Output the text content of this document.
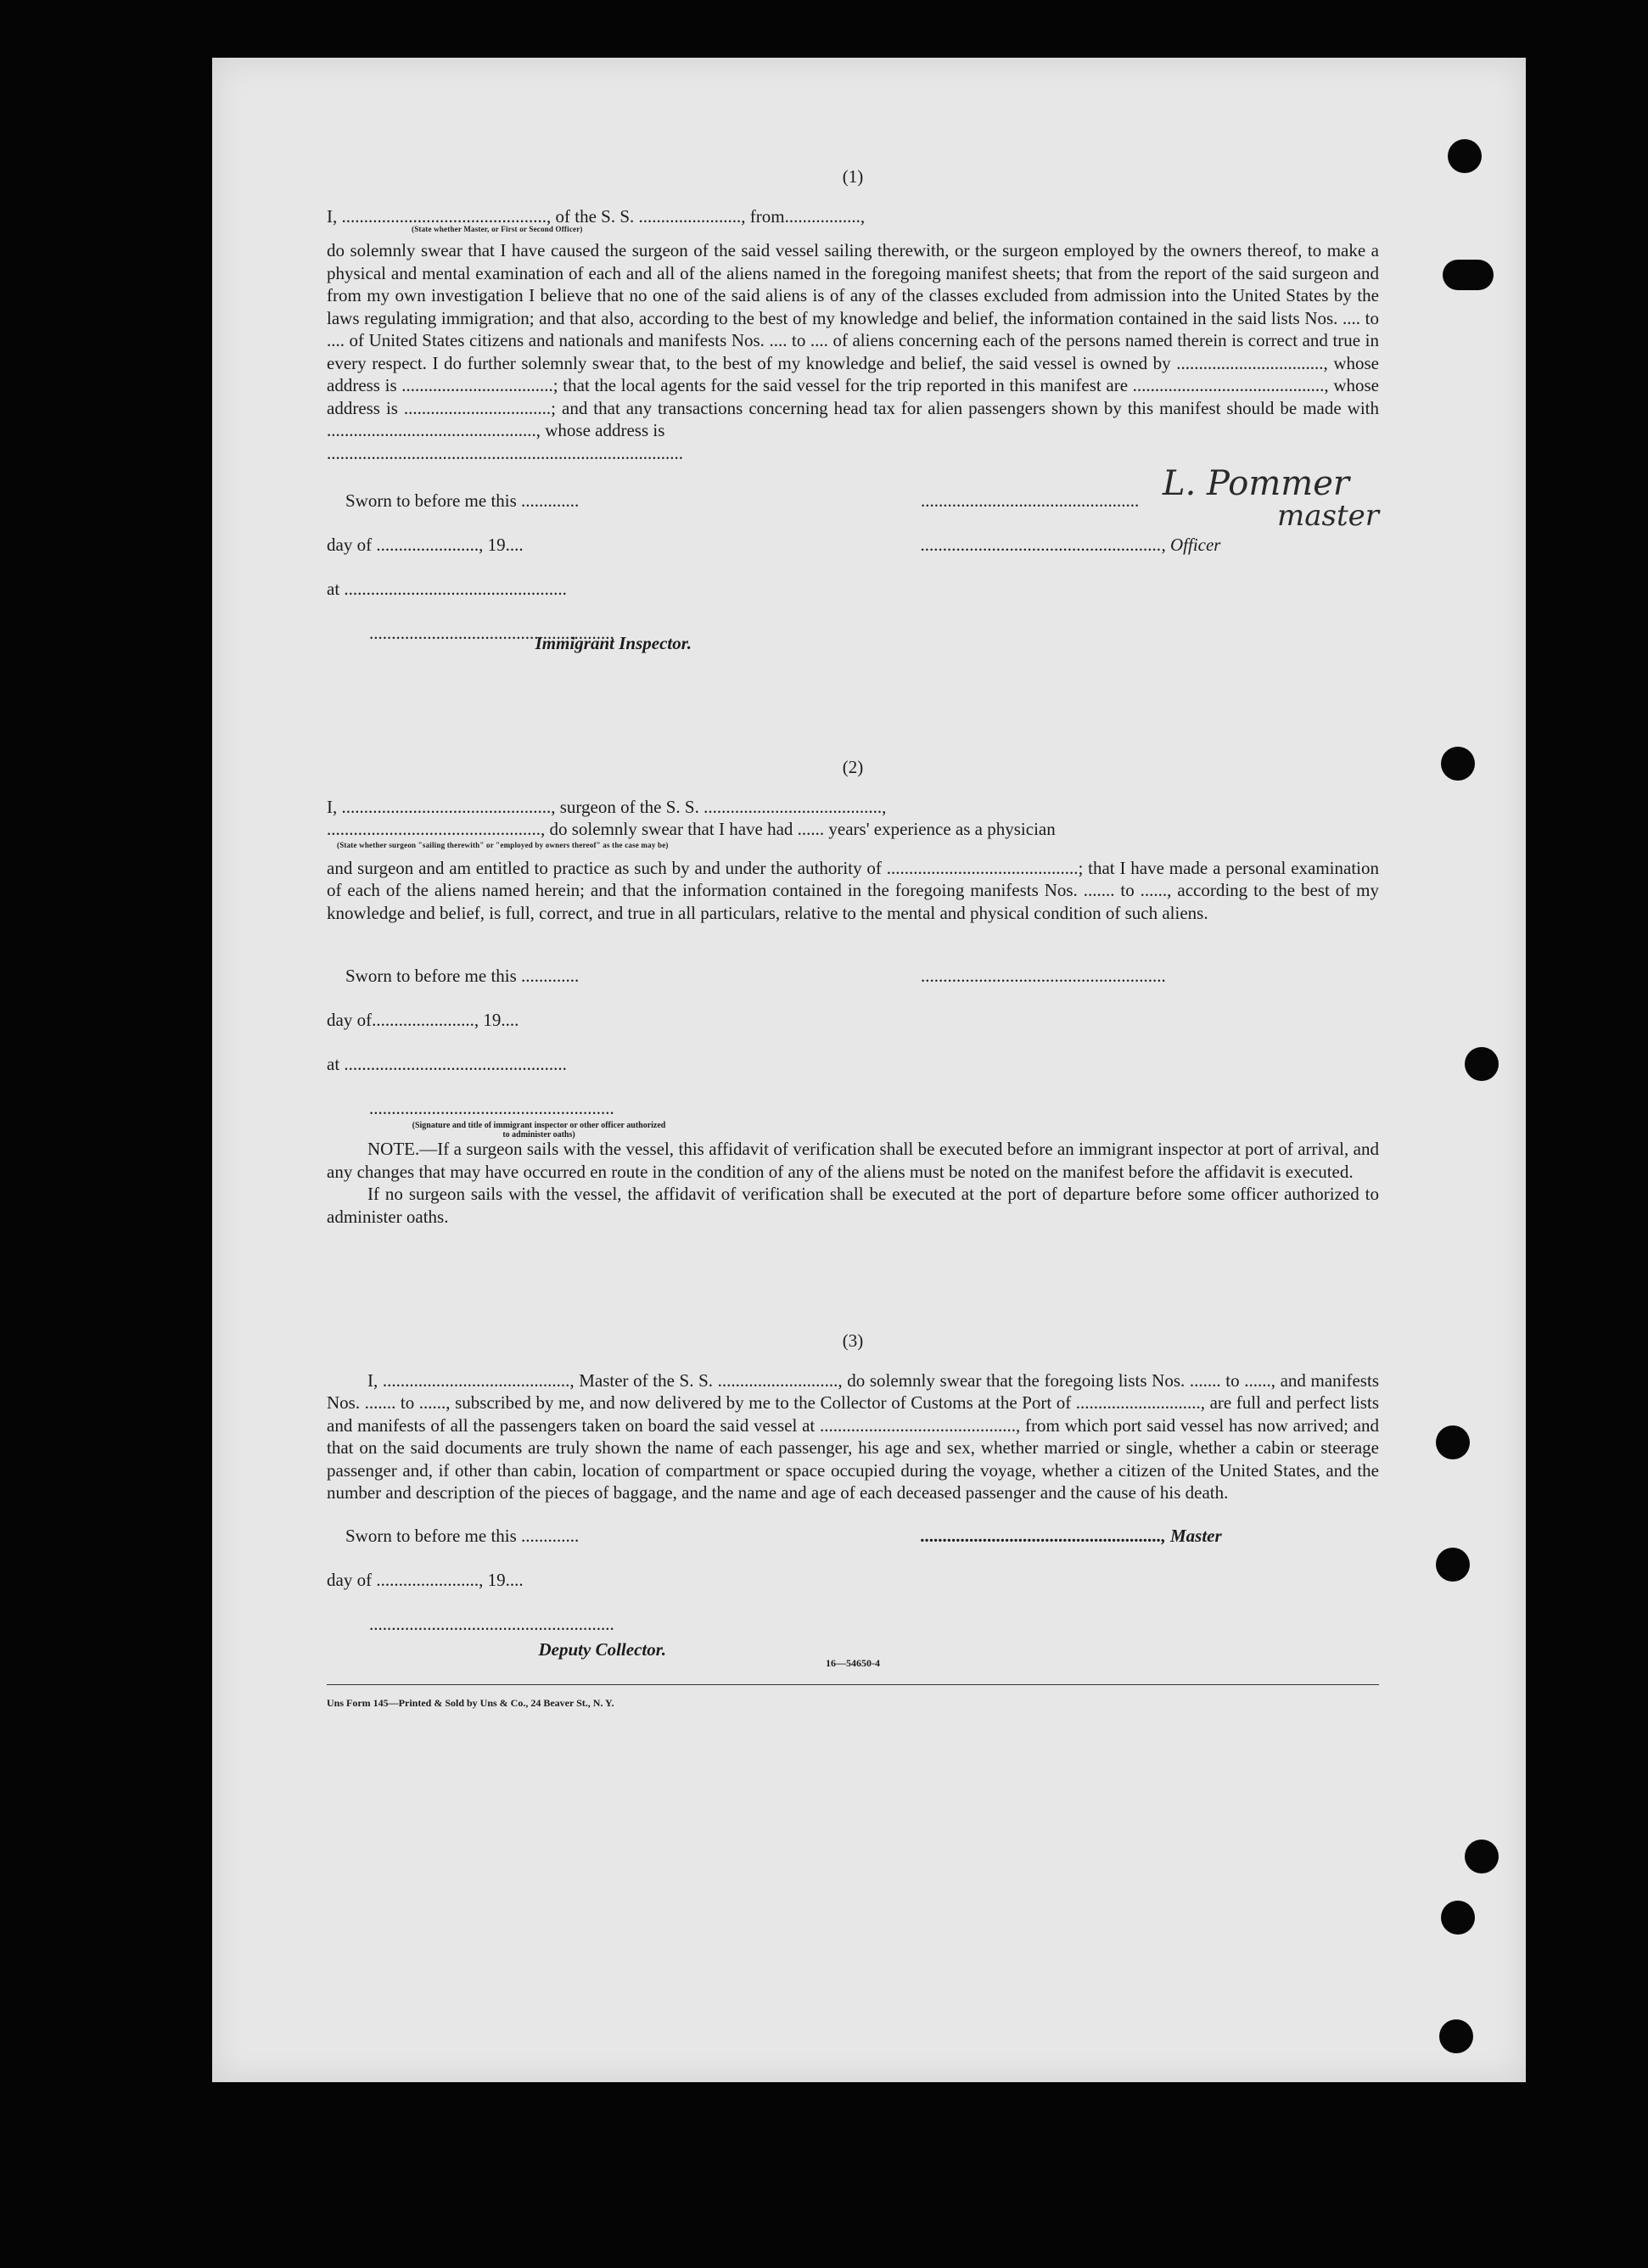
(1)
I, .............................................., of the S. S. ......................., from.................,
(State whether Master, or First or Second Officer)

do solemnly swear that I have caused the surgeon of the said vessel sailing therewith, or the surgeon employed by the owners thereof, to make a physical and mental examination of each and all of the aliens named in the foregoing manifest sheets; that from the report of the said surgeon and from my own investigation I believe that no one of the said aliens is of any of the classes excluded from admission into the United States by the laws regulating immigration; and that also, according to the best of my knowledge and belief, the information contained in the said lists Nos. .... to .... of United States citizens and nationals and manifests Nos. .... to .... of aliens concerning each of the persons named therein is correct and true in every respect. I do further solemnly swear that, to the best of my knowledge and belief, the said vessel is owned by ................................., whose address is ..................................; that the local agents for the said vessel for the trip reported in this manifest are ..........................................., whose address is .................................; and that any transactions concerning head tax for alien passengers shown by this manifest should be made with ..............................................., whose address is

................................................................................
Sworn to before me this .............
day of ......................., 19....
at ..................................................
.......................................................
Immigrant Inspector.
.................................................
......................................................, Officer
L. Pommer
master
(2)
I, ..............................................., surgeon of the S. S. ........................................,
................................................, do solemnly swear that I have had ...... years' experience as a physician
(State whether surgeon "sailing therewith" or "employed by owners thereof" as the case may be)

and surgeon and am entitled to practice as such by and under the authority of ...........................................; that I have made a personal examination of each of the aliens named herein; and that the information contained in the foregoing manifests Nos. ....... to ......, according to the best of my knowledge and belief, is full, correct, and true in all particulars, relative to the mental and physical condition of such aliens.

Sworn to before me this .............
day of......................., 19....
at ..................................................
.......................................................
(Signature and title of immigrant inspector or other officer authorized to administer oaths)
.......................................................

NOTE.—If a surgeon sails with the vessel, this affidavit of verification shall be executed before an immigrant inspector at port of arrival, and any changes that may have occurred en route in the condition of any of the aliens must be noted on the manifest before the affidavit is executed.

If no surgeon sails with the vessel, the affidavit of verification shall be executed at the port of departure before some officer authorized to administer oaths.

(3)

I, .........................................., Master of the S. S. ..........................., do solemnly swear that the foregoing lists Nos. ....... to ......, and manifests Nos. ....... to ......, subscribed by me, and now delivered by me to the Collector of Customs at the Port of ............................, are full and perfect lists and manifests of all the passengers taken on board the said vessel at ............................................, from which port said vessel has now arrived; and that on the said documents are truly shown the name of each passenger, his age and sex, whether married or single, whether a cabin or steerage passenger and, if other than cabin, location of compartment or space occupied during the voyage, whether a citizen of the United States, and the number and description of the pieces of baggage, and the name and age of each deceased passenger and the cause of his death.

Sworn to before me this .............
day of ......................., 19....
.......................................................
Deputy Collector.
......................................................, Master
16—54650-4
Uns Form 145—Printed & Sold by Uns & Co., 24 Beaver St., N. Y.
